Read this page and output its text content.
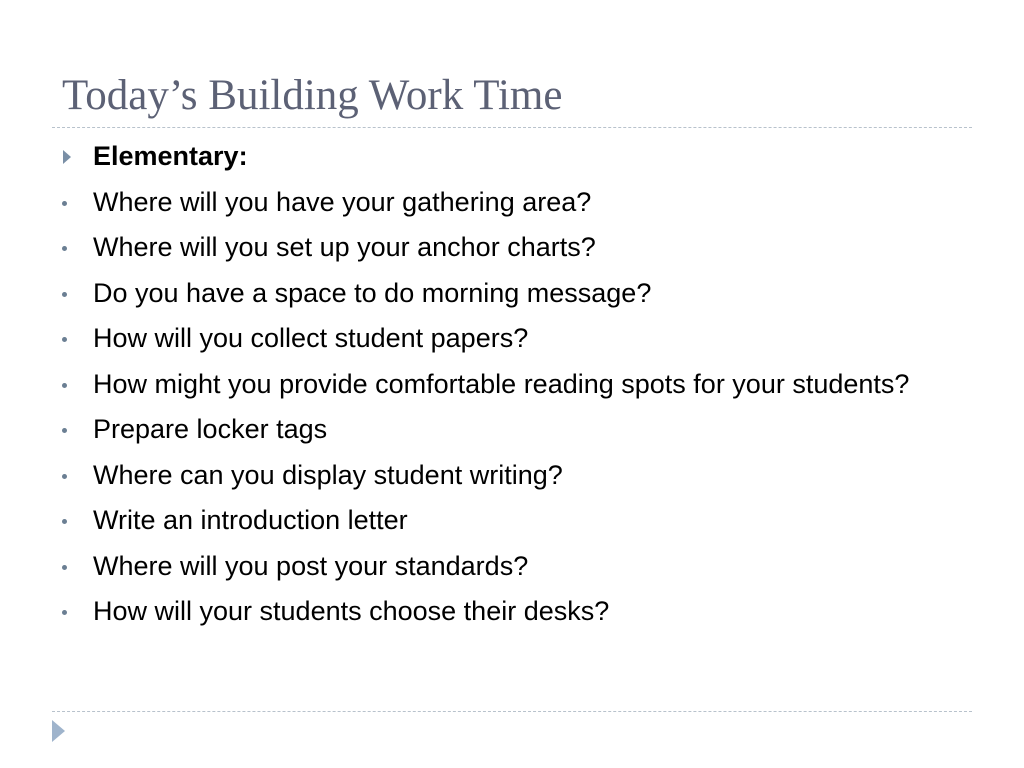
Today’s Building Work Time
Elementary:
Where will you have your gathering area?
Where will you set up your anchor charts?
Do you have a space to do morning message?
How will you collect student papers?
How might you provide comfortable reading spots for your students?
Prepare locker tags
Where can you display student writing?
Write an introduction letter
Where will you post your standards?
How will your students choose their desks?
